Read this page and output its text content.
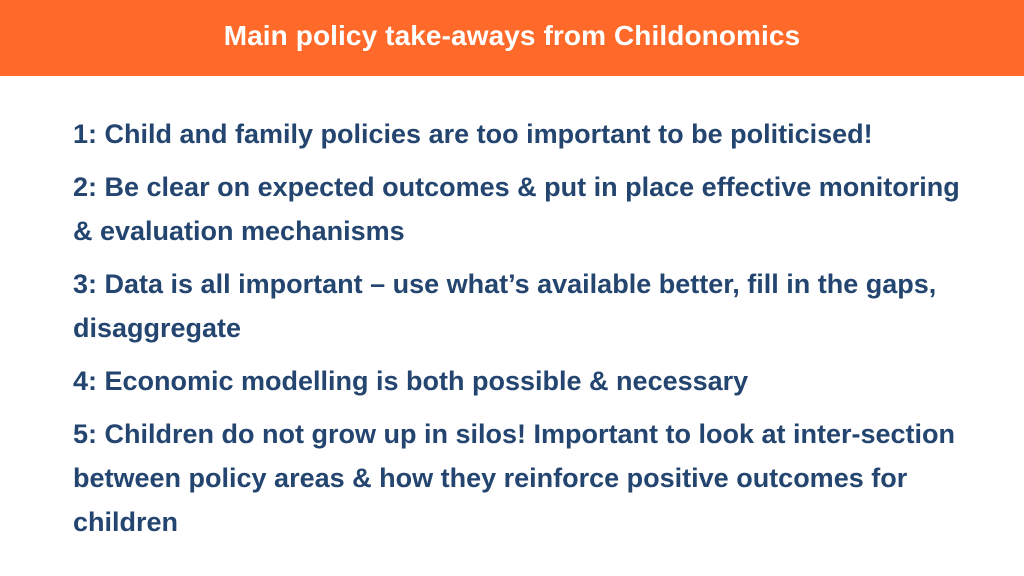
Main policy take-aways from Childonomics
1: Child and family policies are too important to be politicised!
2: Be clear on expected outcomes & put in place effective monitoring & evaluation mechanisms
3: Data is all important – use what’s available better, fill in the gaps, disaggregate
4: Economic modelling is both possible & necessary
5: Children do not grow up in silos! Important to look at inter-section between policy areas & how they reinforce positive outcomes for children
